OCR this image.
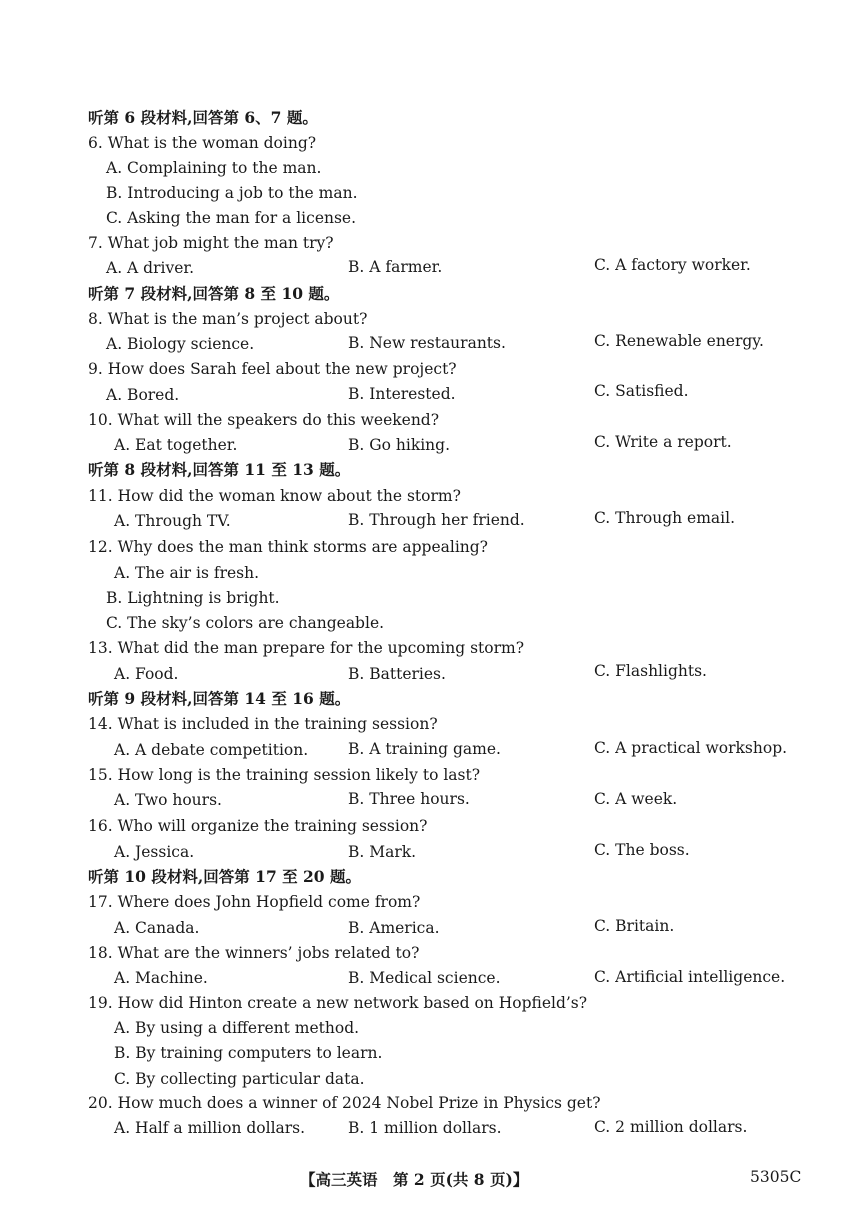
听第 6 段材料,回答第 6、7 题。
6. What is the woman doing?
A. Complaining to the man.
B. Introducing a job to the man.
C. Asking the man for a license.
7. What job might the man try?
A. A driver.	B. A farmer.	C. A factory worker.
听第 7 段材料,回答第 8 至 10 题。
8. What is the man’s project about?
A. Biology science.	B. New restaurants.	C. Renewable energy.
9. How does Sarah feel about the new project?
A. Bored.	B. Interested.	C. Satisfied.
10. What will the speakers do this weekend?
A. Eat together.	B. Go hiking.	C. Write a report.
听第 8 段材料,回答第 11 至 13 题。
11. How did the woman know about the storm?
A. Through TV.	B. Through her friend.	C. Through email.
12. Why does the man think storms are appealing?
A. The air is fresh.
B. Lightning is bright.
C. The sky’s colors are changeable.
13. What did the man prepare for the upcoming storm?
A. Food.	B. Batteries.	C. Flashlights.
听第 9 段材料,回答第 14 至 16 题。
14. What is included in the training session?
A. A debate competition.	B. A training game.	C. A practical workshop.
15. How long is the training session likely to last?
A. Two hours.	B. Three hours.	C. A week.
16. Who will organize the training session?
A. Jessica.	B. Mark.	C. The boss.
听第 10 段材料,回答第 17 至 20 题。
17. Where does John Hopfield come from?
A. Canada.	B. America.	C. Britain.
18. What are the winners’ jobs related to?
A. Machine.	B. Medical science.	C. Artificial intelligence.
19. How did Hinton create a new network based on Hopfield’s?
A. By using a different method.
B. By training computers to learn.
C. By collecting particular data.
20. How much does a winner of 2024 Nobel Prize in Physics get?
A. Half a million dollars.	B. 1 million dollars.	C. 2 million dollars.
【高三英语　第 2 页(共 8 页)】	5305C
